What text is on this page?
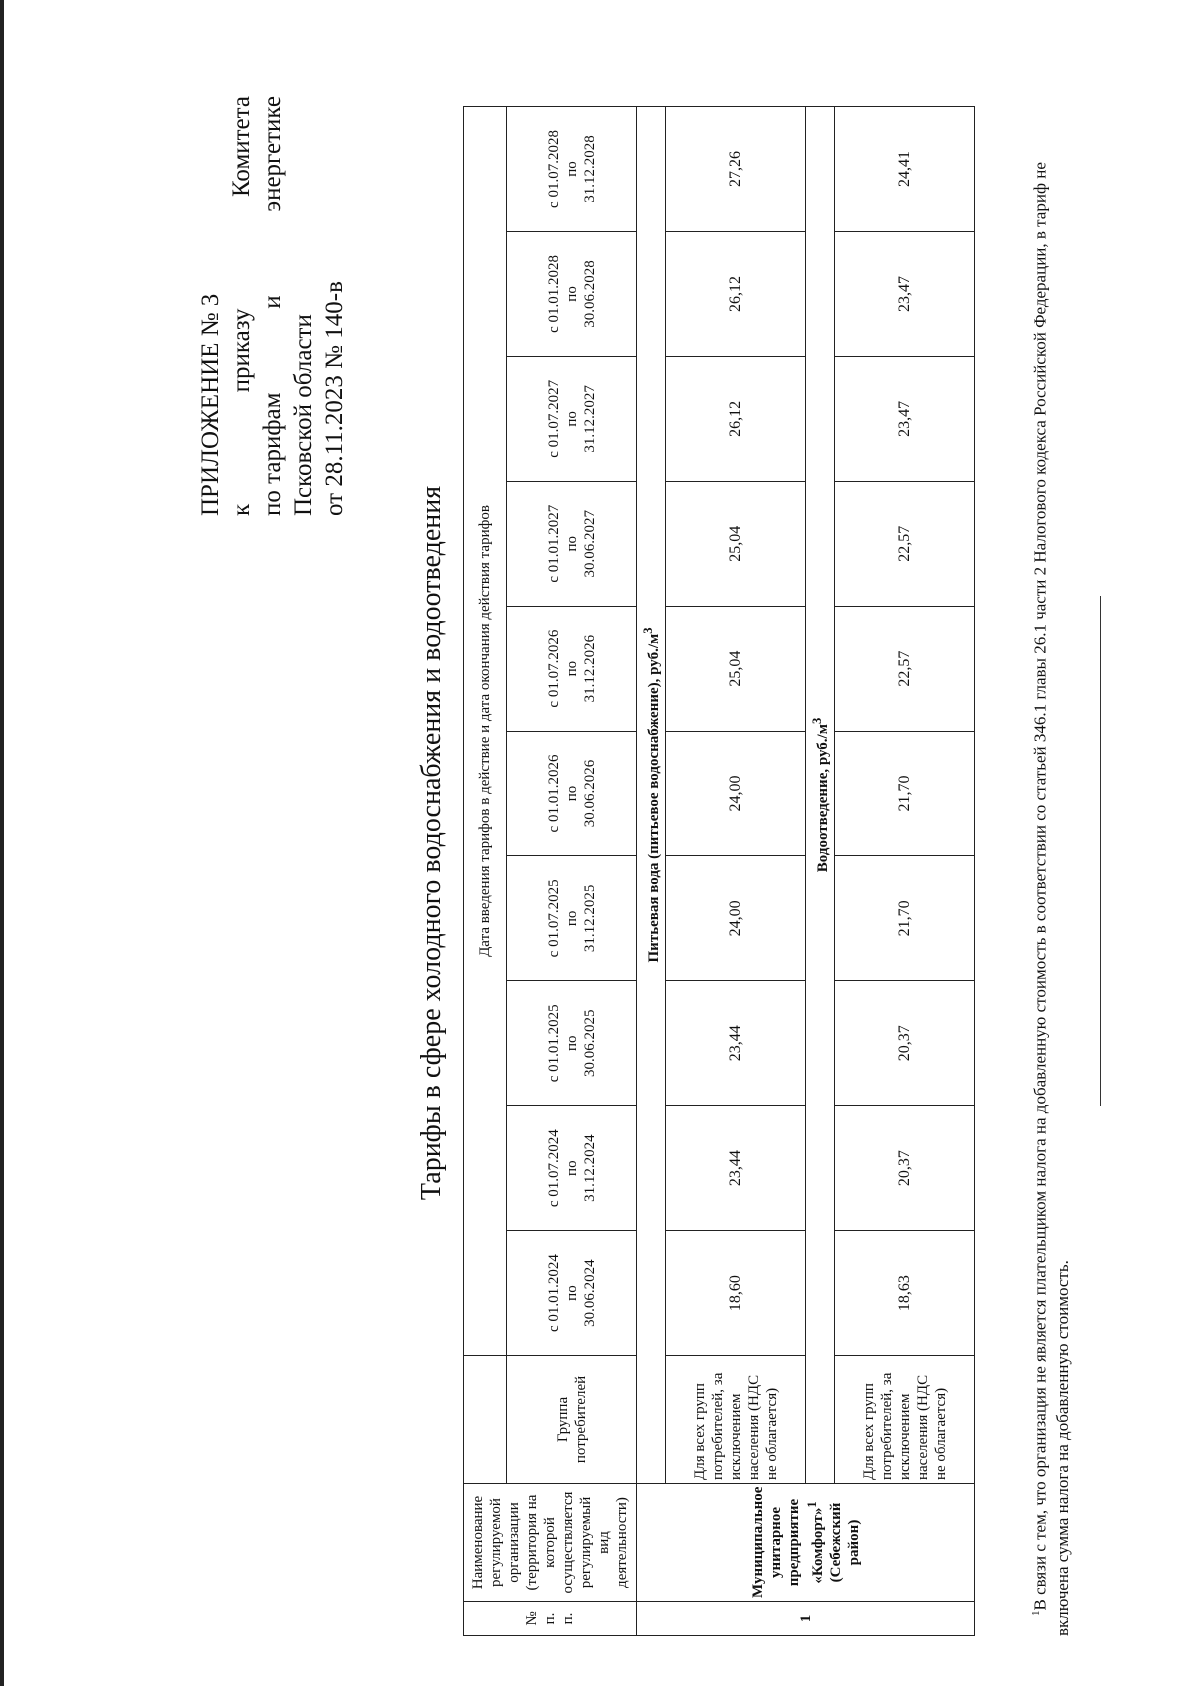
ПРИЛОЖЕНИЕ № 3 к
приказу
Комитета
по тарифам
и
энергетике
Псковской области от 28.11.2023 № 140-в
Тарифы в сфере холодного водоснабжения и водоотведения
№ п. п.	Наименование регулируемой организации (территория на которой осуществляется регулируемый вид деятельности)		Дата введения тарифов в действие и дата окончания действия тарифов									
		Группа потребителей	с 01.01.2024 по 30.06.2024	с 01.07.2024 по 31.12.2024	с 01.01.2025 по 30.06.2025	с 01.07.2025 по 31.12.2025	с 01.01.2026 по 30.06.2026	с 01.07.2026 по 31.12.2026	с 01.01.2027 по 30.06.2027	с 01.07.2027 по 31.12.2027	с 01.01.2028 по 30.06.2028	с 01.07.2028 по 31.12.2028
1	Муниципальное унитарное предприятие «Комфорт»$^1$ (Себежский район)	Питьевая вода (питьевое водоснабжение), $руб./м^3$
		Для всех групп потребителей, за исключением населения (НДС не облагается)	18,60	23,44	23,44	24,00	24,00	25,04	25,04	26,12	26,12	27,26
		Водоотведение, $руб./м^3$
		Для всех групп потребителей, за исключением населения (НДС не облагается)	18,63	20,37	20,37	21,70	21,70	22,57	22,57	23,47	23,47	24,41
$^1$В связи с тем, что организация не является плательщиком налога на добавленную стоимость в соответствии со статьей 346.1 главы 26.1 части 2 Налогового кодекса Российской Федерации, в тариф не включена сумма налога на добавленную стоимость.
